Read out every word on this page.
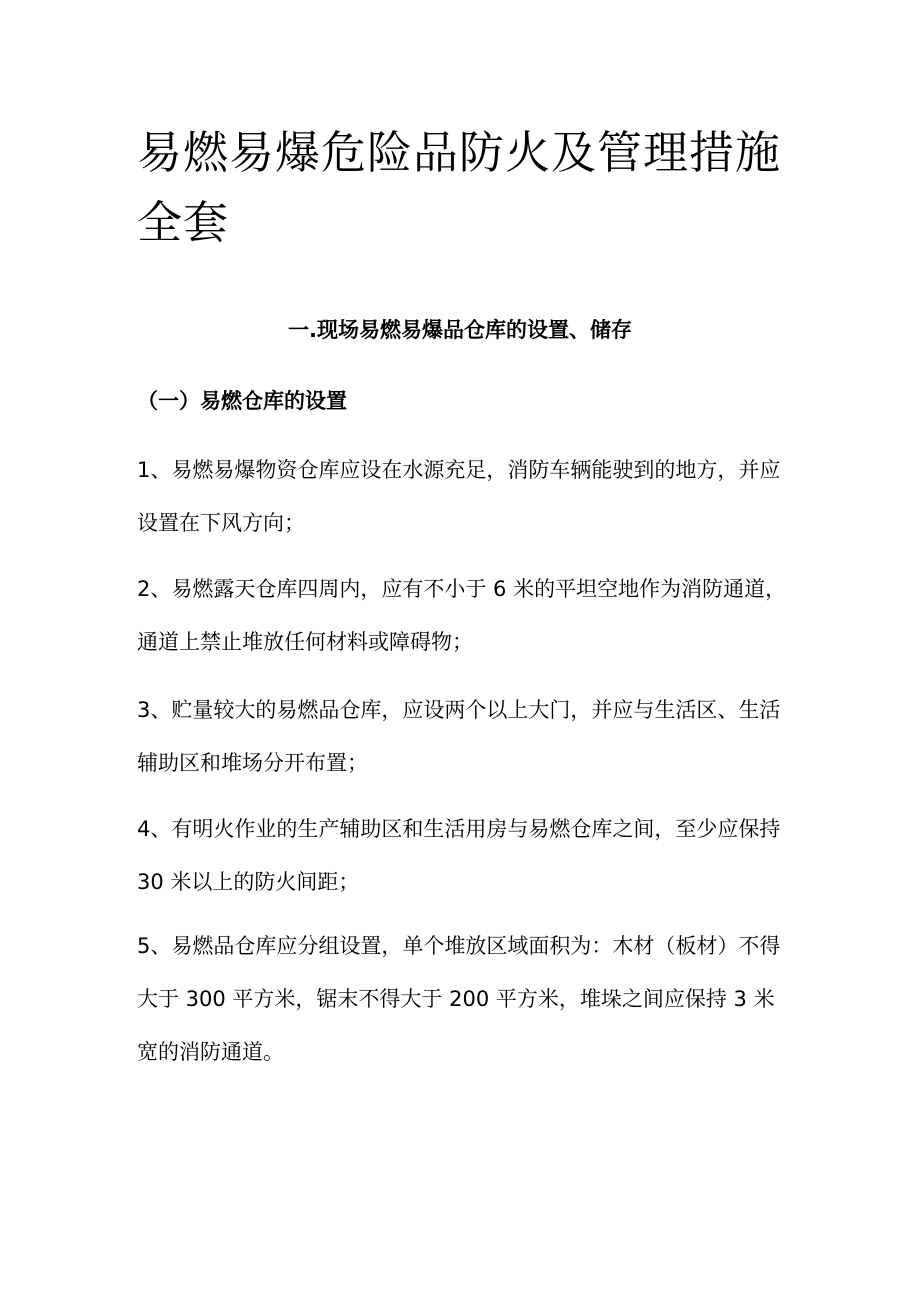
易燃易爆危险品防火及管理措施全套
一.现场易燃易爆品仓库的设置、储存
（一）易燃仓库的设置

1、易燃易爆物资仓库应设在水源充足，消防车辆能驶到的地方，并应设置在下风方向；

2、易燃露天仓库四周内，应有不小于 6 米的平坦空地作为消防通道，通道上禁止堆放任何材料或障碍物；

3、贮量较大的易燃品仓库，应设两个以上大门，并应与生活区、生活辅助区和堆场分开布置；

4、有明火作业的生产辅助区和生活用房与易燃仓库之间，至少应保持 30 米以上的防火间距；

5、易燃品仓库应分组设置，单个堆放区域面积为：木材（板材）不得大于 300 平方米，锯末不得大于 200 平方米，堆垛之间应保持 3 米宽的消防通道。
